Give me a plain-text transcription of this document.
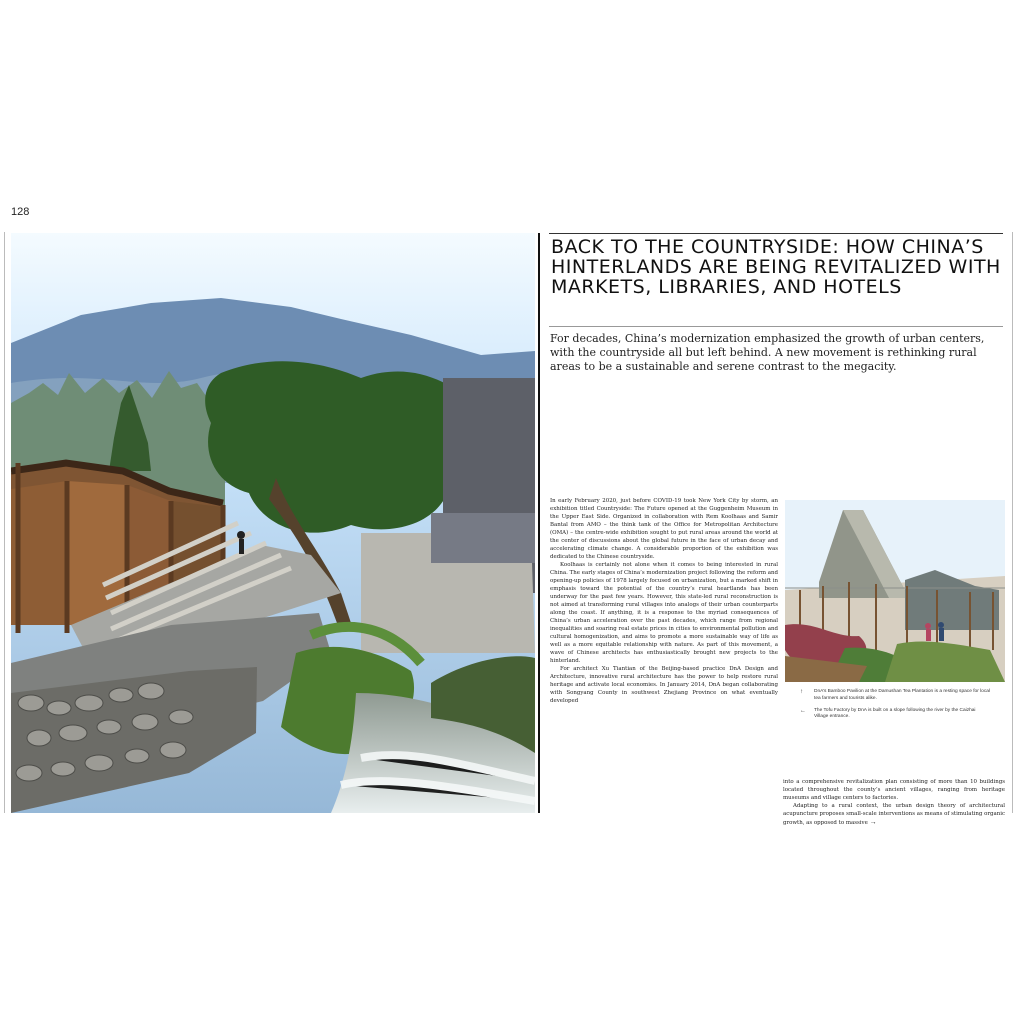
128
BACK TO THE COUNTRYSIDE: HOW CHINA’S HINTERLANDS ARE BEING REVITALIZED WITH MARKETS, LIBRARIES, AND HOTELS

For decades, China’s modernization emphasized the growth of urban centers, with the countryside all but left behind. A new movement is rethinking rural areas to be a sustainable and serene contrast to the megacity.

In early February 2020, just before COVID-19 took New York City by storm, an exhibition titled Countryside: The Future opened at the Guggenheim Museum in the Upper East Side. Organized in collaboration with Rem Koolhaas and Samir Bantal from AMO – the think tank of the Office for Metropolitan Architecture (OMA) – the centre-wide exhibition sought to put rural areas around the world at the center of discussions about the global future in the face of urban decay and accelerating climate change. A considerable proportion of the exhibition was dedicated to the Chinese countryside.

Koolhaas is certainly not alone when it comes to being interested in rural China. The early stages of China’s modernization project following the reform and opening-up policies of 1978 largely focused on urbanization, but a marked shift in emphasis toward the potential of the country’s rural heartlands has been underway for the past few years. However, this state-led rural reconstruction is not aimed at transforming rural villages into analogs of their urban counterparts along the coast. If anything, it is a response to the myriad consequences of China’s urban acceleration over the past decades, which range from regional inequalities and soaring real estate prices in cities to environmental pollution and cultural homogenization, and aims to promote a more sustainable way of life as well as a more equitable relationship with nature. As part of this movement, a wave of Chinese architects has enthusiastically brought new projects to the hinterland.

For architect Xu Tiantian of the Beijing-based practice DnA Design and Architecture, innovative rural architecture has the power to help restore rural heritage and activate local economies. In January 2014, DnA began collaborating with Songyang County in southwest Zhejiang Province on what eventually developed

↑ DnA’s Bamboo Pavilion at the Damushan Tea Plantation is a resting space for local tea farmers and tourists alike.

← The Tofu Factory by DnA is built on a slope following the river by the Caizhai Village entrance.

into a comprehensive revitalization plan consisting of more than 10 buildings located throughout the county’s ancient villages, ranging from heritage museums and village centers to factories.

Adapting to a rural context, the urban design theory of architectural acupuncture proposes small-scale interventions as means of stimulating organic growth, as opposed to massive →
